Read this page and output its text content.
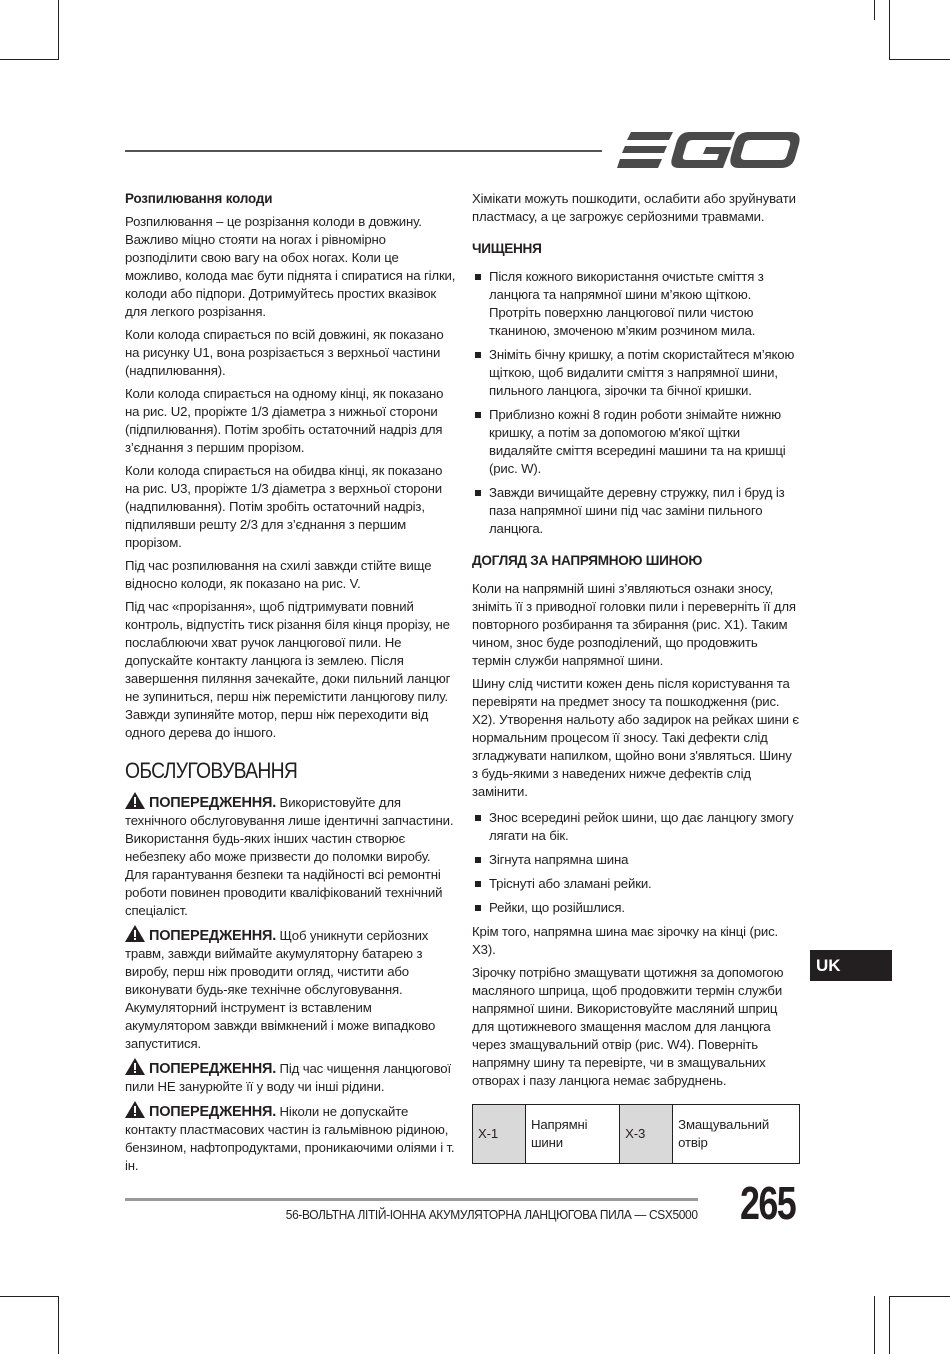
Розпилювання колоди

Розпилювання – це розрізання колоди в довжину. Важливо міцно стояти на ногах і рівномірно розподілити свою вагу на обох ногах. Коли це можливо, колода має бути піднята і спиратися на гілки, колоди або підпори. Дотримуйтесь простих вказівок для легкого розрізання.

Коли колода спирається по всій довжині, як показано на рисунку U1, вона розрізається з верхньої частини (надпилювання).

Коли колода спирається на одному кінці, як показано на рис. U2, проріжте 1/3 діаметра з нижньої сторони (підпилювання). Потім зробіть остаточний надріз для з’єднання з першим прорізом.

Коли колода спирається на обидва кінці, як показано на рис. U3, проріжте 1/3 діаметра з верхньої сторони (надпилювання). Потім зробіть остаточний надріз, підпилявши решту 2/3 для з’єднання з першим прорізом.

Під час розпилювання на схилі завжди стійте вище відносно колоди, як показано на рис. V.

Під час «прорізання», щоб підтримувати повний контроль, відпустіть тиск різання біля кінця прорізу, не послаблюючи хват ручок ланцюгової пили. Не допускайте контакту ланцюга із землею. Після завершення пиляння зачекайте, доки пильний ланцюг не зупиниться, перш ніж перемістити ланцюгову пилу. Завжди зупиняйте мотор, перш ніж переходити від одного дерева до іншого.

ОБСЛУГОВУВАННЯ

ПОПЕРЕДЖЕННЯ. Використовуйте для технічного обслуговування лише ідентичні запчастини. Використання будь-яких інших частин створює небезпеку або може призвести до поломки виробу. Для гарантування безпеки та надійності всі ремонтні роботи повинен проводити кваліфікований технічний спеціаліст.

ПОПЕРЕДЖЕННЯ. Щоб уникнути серйозних травм, завжди виймайте акумуляторну батарею з виробу, перш ніж проводити огляд, чистити або виконувати будь-яке технічне обслуговування. Акумуляторний інструмент із вставленим акумулятором завжди ввімкнений і може випадково запуститися.

ПОПЕРЕДЖЕННЯ. Під час чищення ланцюгової пили НЕ занурюйте її у воду чи інші рідини.

ПОПЕРЕДЖЕННЯ. Ніколи не допускайте контакту пластмасових частин із гальмівною рідиною, бензином, нафтопродуктами, проникаючими оліями і т. ін.

Хімікати можуть пошкодити, ослабити або зруйнувати пластмасу, а це загрожує серйозними травмами.

ЧИЩЕННЯ
Після кожного використання очистьте сміття з ланцюга та напрямної шини м’якою щіткою. Протріть поверхню ланцюгової пили чистою тканиною, змоченою м’яким розчином мила.
Зніміть бічну кришку, а потім скористайтеся м’якою щіткою, щоб видалити сміття з напрямної шини, пильного ланцюга, зірочки та бічної кришки.
Приблизно кожні 8 годин роботи знімайте нижню кришку, а потім за допомогою м'якої щітки видаляйте сміття всередині машини та на кришці (рис. W).
Завжди вичищайте деревну стружку, пил і бруд із паза напрямної шини під час заміни пильного ланцюга.
ДОГЛЯД ЗА НАПРЯМНОЮ ШИНОЮ

Коли на напрямній шині з’являються ознаки зносу, зніміть її з приводної головки пили і переверніть її для повторного розбирання та збирання (рис. X1). Таким чином, знос буде розподілений, що продовжить термін служби напрямної шини.

Шину слід чистити кожен день після користування та перевіряти на предмет зносу та пошкодження (рис. X2). Утворення нальоту або задирок на рейках шини є нормальним процесом її зносу. Такі дефекти слід згладжувати напилком, щойно вони з'являться. Шину з будь-якими з наведених нижче дефектів слід замінити.

Знос всередині рейок шини, що дає ланцюгу змогу лягати на бік.
Зігнута напрямна шина
Тріснуті або зламані рейки.
Рейки, що розійшлися.

Крім того, напрямна шина має зірочку на кінці (рис. X3).

Зірочку потрібно змащувати щотижня за допомогою масляного шприца, щоб продовжити термін служби напрямної шини. Використовуйте масляний шприц для щотижневого змащення маслом для ланцюга через змащувальний отвір (рис. W4). Поверніть напрямну шину та перевірте, чи в змащувальних отворах і пазу ланцюга немає забруднень.

X-1	Напрямні шини	X-3	Змащувальний отвір
UK
56-ВОЛЬТНА ЛІТІЙ-ІОННА АКУМУЛЯТОРНА ЛАНЦЮГОВА ПИЛА — CSX5000 265
